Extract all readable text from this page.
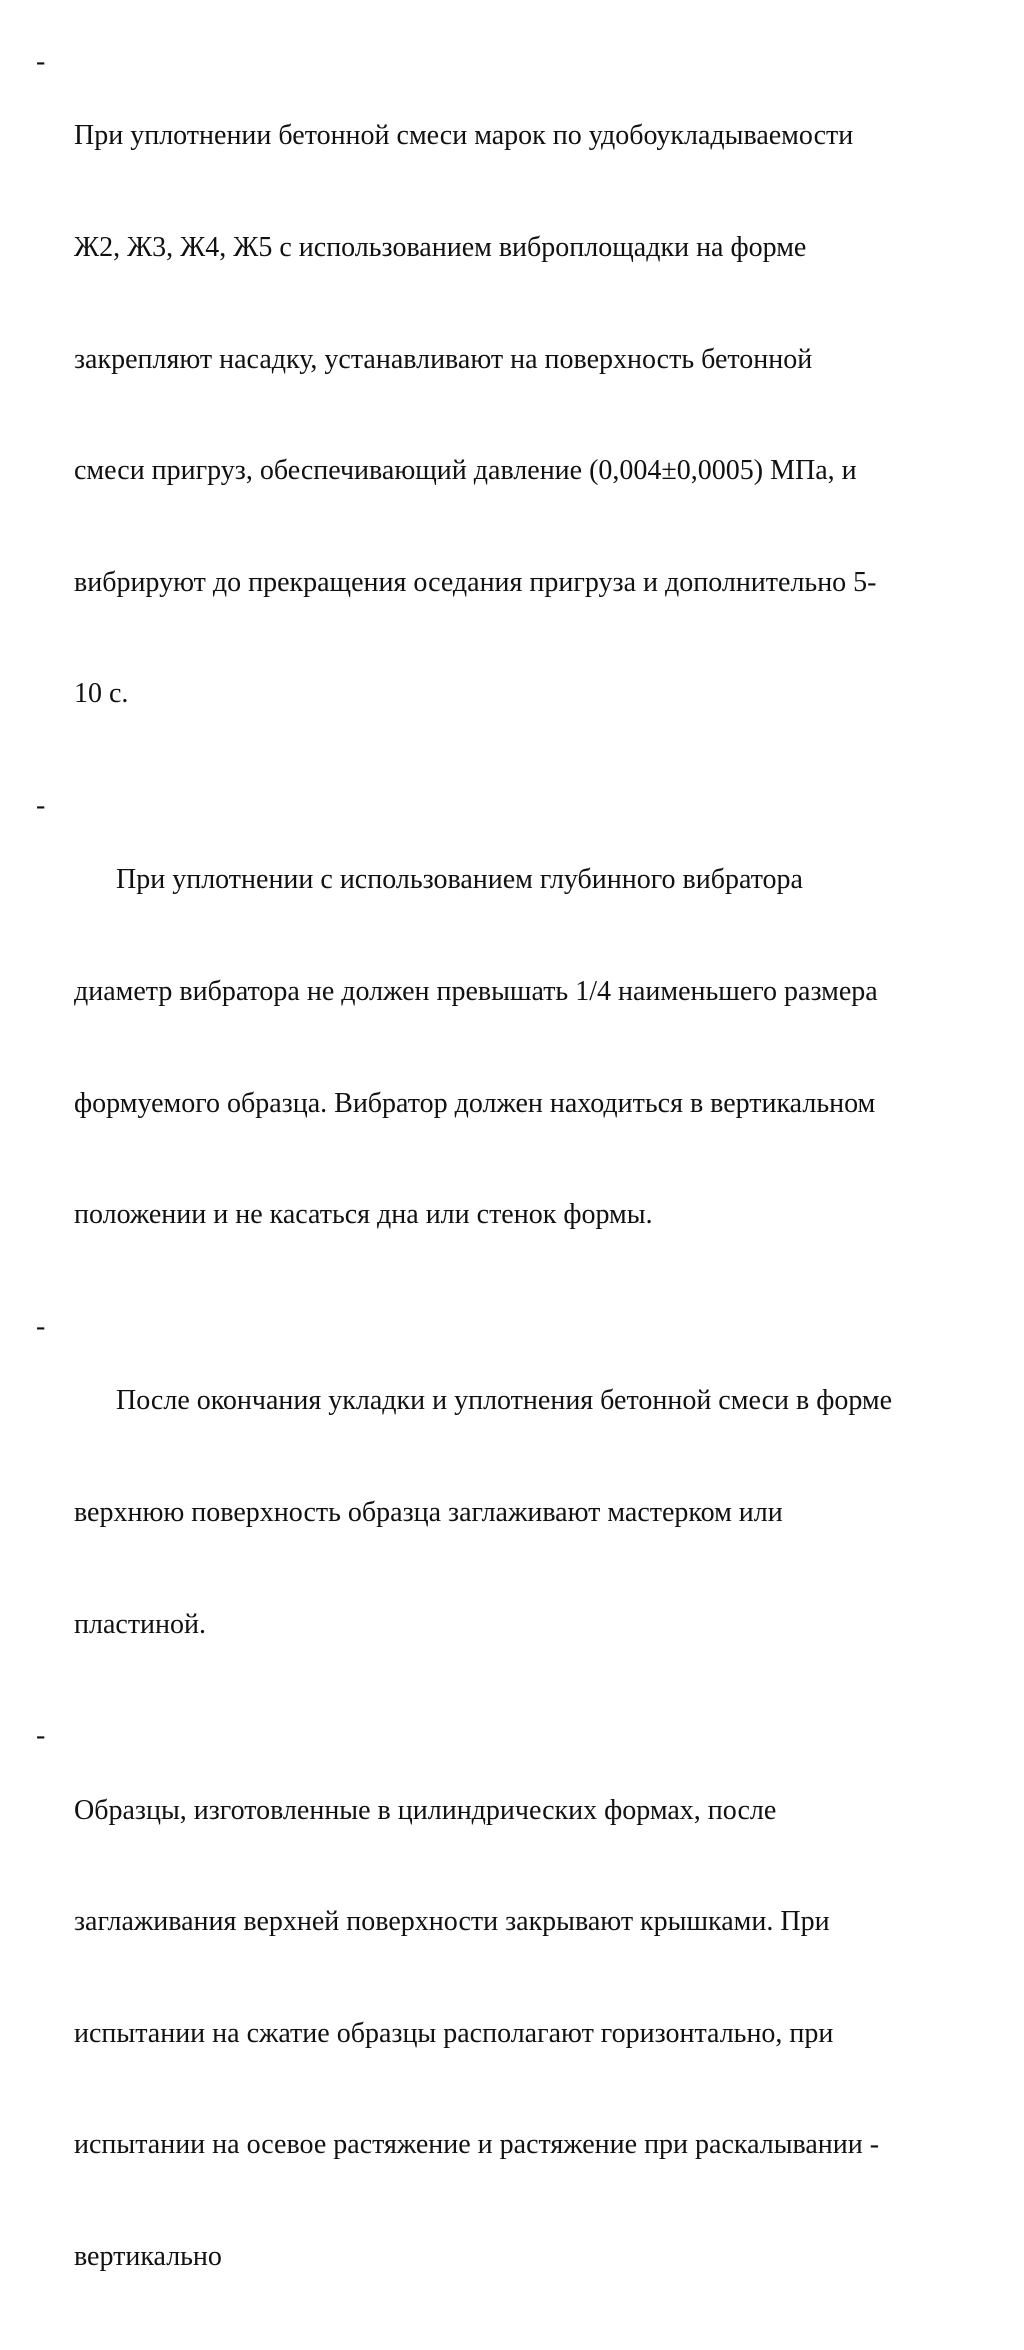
-

При уплотнении бетонной смеси марок по удобоукладываемости

Ж2, Ж3, Ж4, Ж5 с использованием виброплощадки на форме

закрепляют насадку, устанавливают на поверхность бетонной

смеси пригруз, обеспечивающий давление (0,004±0,0005) МПа, и

вибрируют до прекращения оседания пригруза и дополнительно 5-

10 с.

-

При уплотнении с использованием глубинного вибратора

диаметр вибратора не должен превышать 1/4 наименьшего размера

формуемого образца. Вибратор должен находиться в вертикальном

положении и не касаться дна или стенок формы.

-

После окончания укладки и уплотнения бетонной смеси в форме

верхнюю поверхность образца заглаживают мастерком или

пластиной.

-

Образцы, изготовленные в цилиндрических формах, после

заглаживания верхней поверхности закрывают крышками. При

испытании на сжатие образцы располагают горизонтально, при

испытании на осевое растяжение и растяжение при раскалывании -

вертикально
